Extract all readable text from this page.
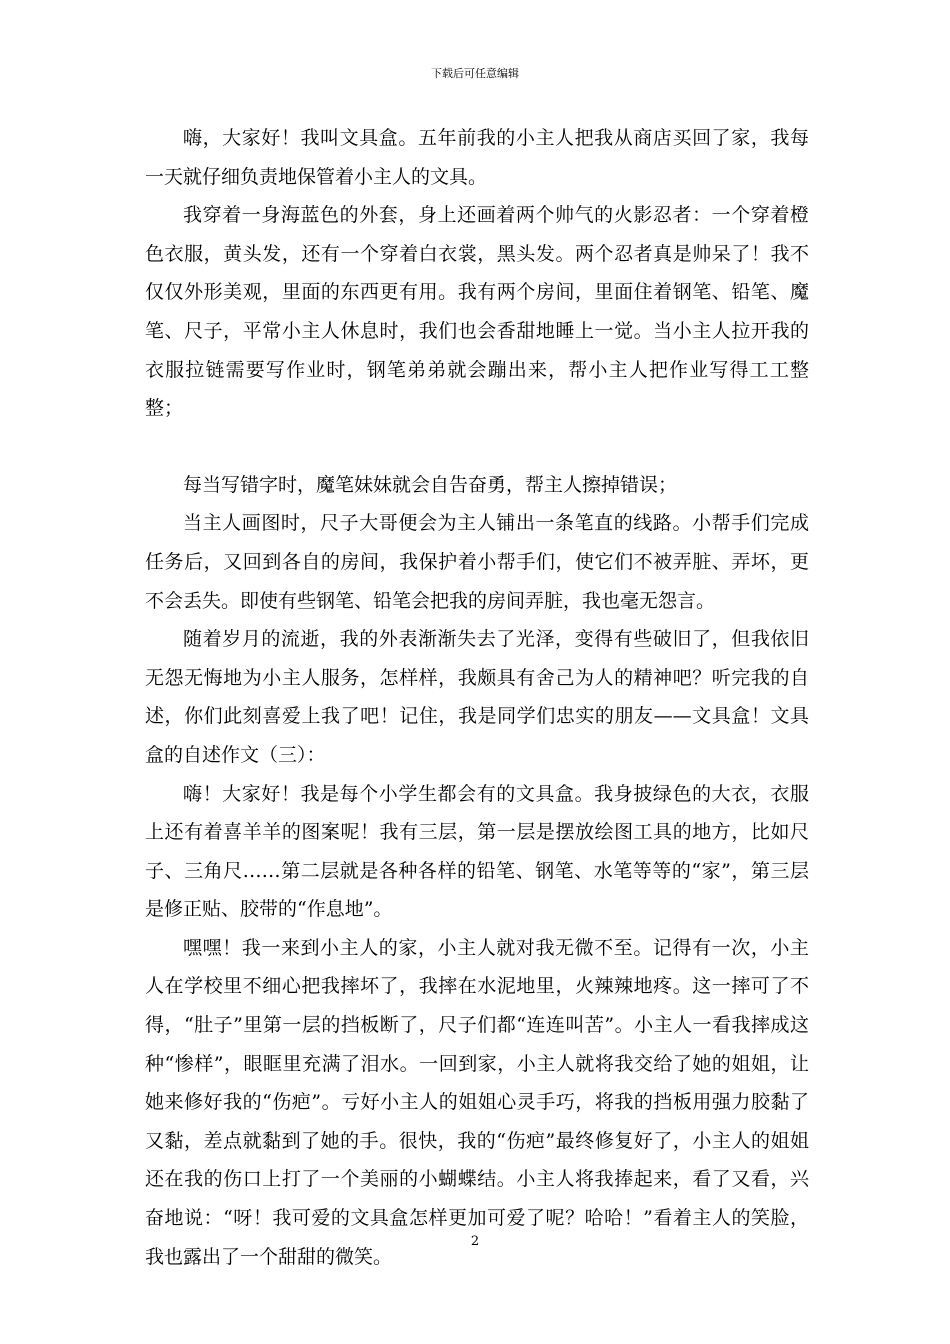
下载后可任意编辑

嗨，大家好！我叫文具盒。五年前我的小主人把我从商店买回了家，我每一天就仔细负责地保管着小主人的文具。

我穿着一身海蓝色的外套，身上还画着两个帅气的火影忍者：一个穿着橙色衣服，黄头发，还有一个穿着白衣裳，黑头发。两个忍者真是帅呆了！我不仅仅外形美观，里面的东西更有用。我有两个房间，里面住着钢笔、铅笔、魔笔、尺子，平常小主人休息时，我们也会香甜地睡上一觉。当小主人拉开我的衣服拉链需要写作业时，钢笔弟弟就会蹦出来，帮小主人把作业写得工工整整；

每当写错字时，魔笔妹妹就会自告奋勇，帮主人擦掉错误；

当主人画图时，尺子大哥便会为主人铺出一条笔直的线路。小帮手们完成任务后，又回到各自的房间，我保护着小帮手们，使它们不被弄脏、弄坏，更不会丢失。即使有些钢笔、铅笔会把我的房间弄脏，我也毫无怨言。

随着岁月的流逝，我的外表渐渐失去了光泽，变得有些破旧了，但我依旧无怨无悔地为小主人服务，怎样样，我颇具有舍己为人的精神吧？听完我的自述，你们此刻喜爱上我了吧！记住，我是同学们忠实的朋友——文具盒！文具盒的自述作文（三）：

嗨！大家好！我是每个小学生都会有的文具盒。我身披绿色的大衣，衣服上还有着喜羊羊的图案呢！我有三层，第一层是摆放绘图工具的地方，比如尺子、三角尺……第二层就是各种各样的铅笔、钢笔、水笔等等的“家”，第三层是修正贴、胶带的“作息地”。

嘿嘿！我一来到小主人的家，小主人就对我无微不至。记得有一次，小主人在学校里不细心把我摔坏了，我摔在水泥地里，火辣辣地疼。这一摔可了不得，“肚子”里第一层的挡板断了，尺子们都“连连叫苦”。小主人一看我摔成这种“惨样”，眼眶里充满了泪水。一回到家，小主人就将我交给了她的姐姐，让她来修好我的“伤疤”。亏好小主人的姐姐心灵手巧，将我的挡板用强力胶黏了又黏，差点就黏到了她的手。很快，我的“伤疤”最终修复好了，小主人的姐姐还在我的伤口上打了一个美丽的小蝴蝶结。小主人将我捧起来，看了又看，兴奋地说：“呀！我可爱的文具盒怎样更加可爱了呢？哈哈！”看着主人的笑脸，我也露出了一个甜甜的微笑。

2
